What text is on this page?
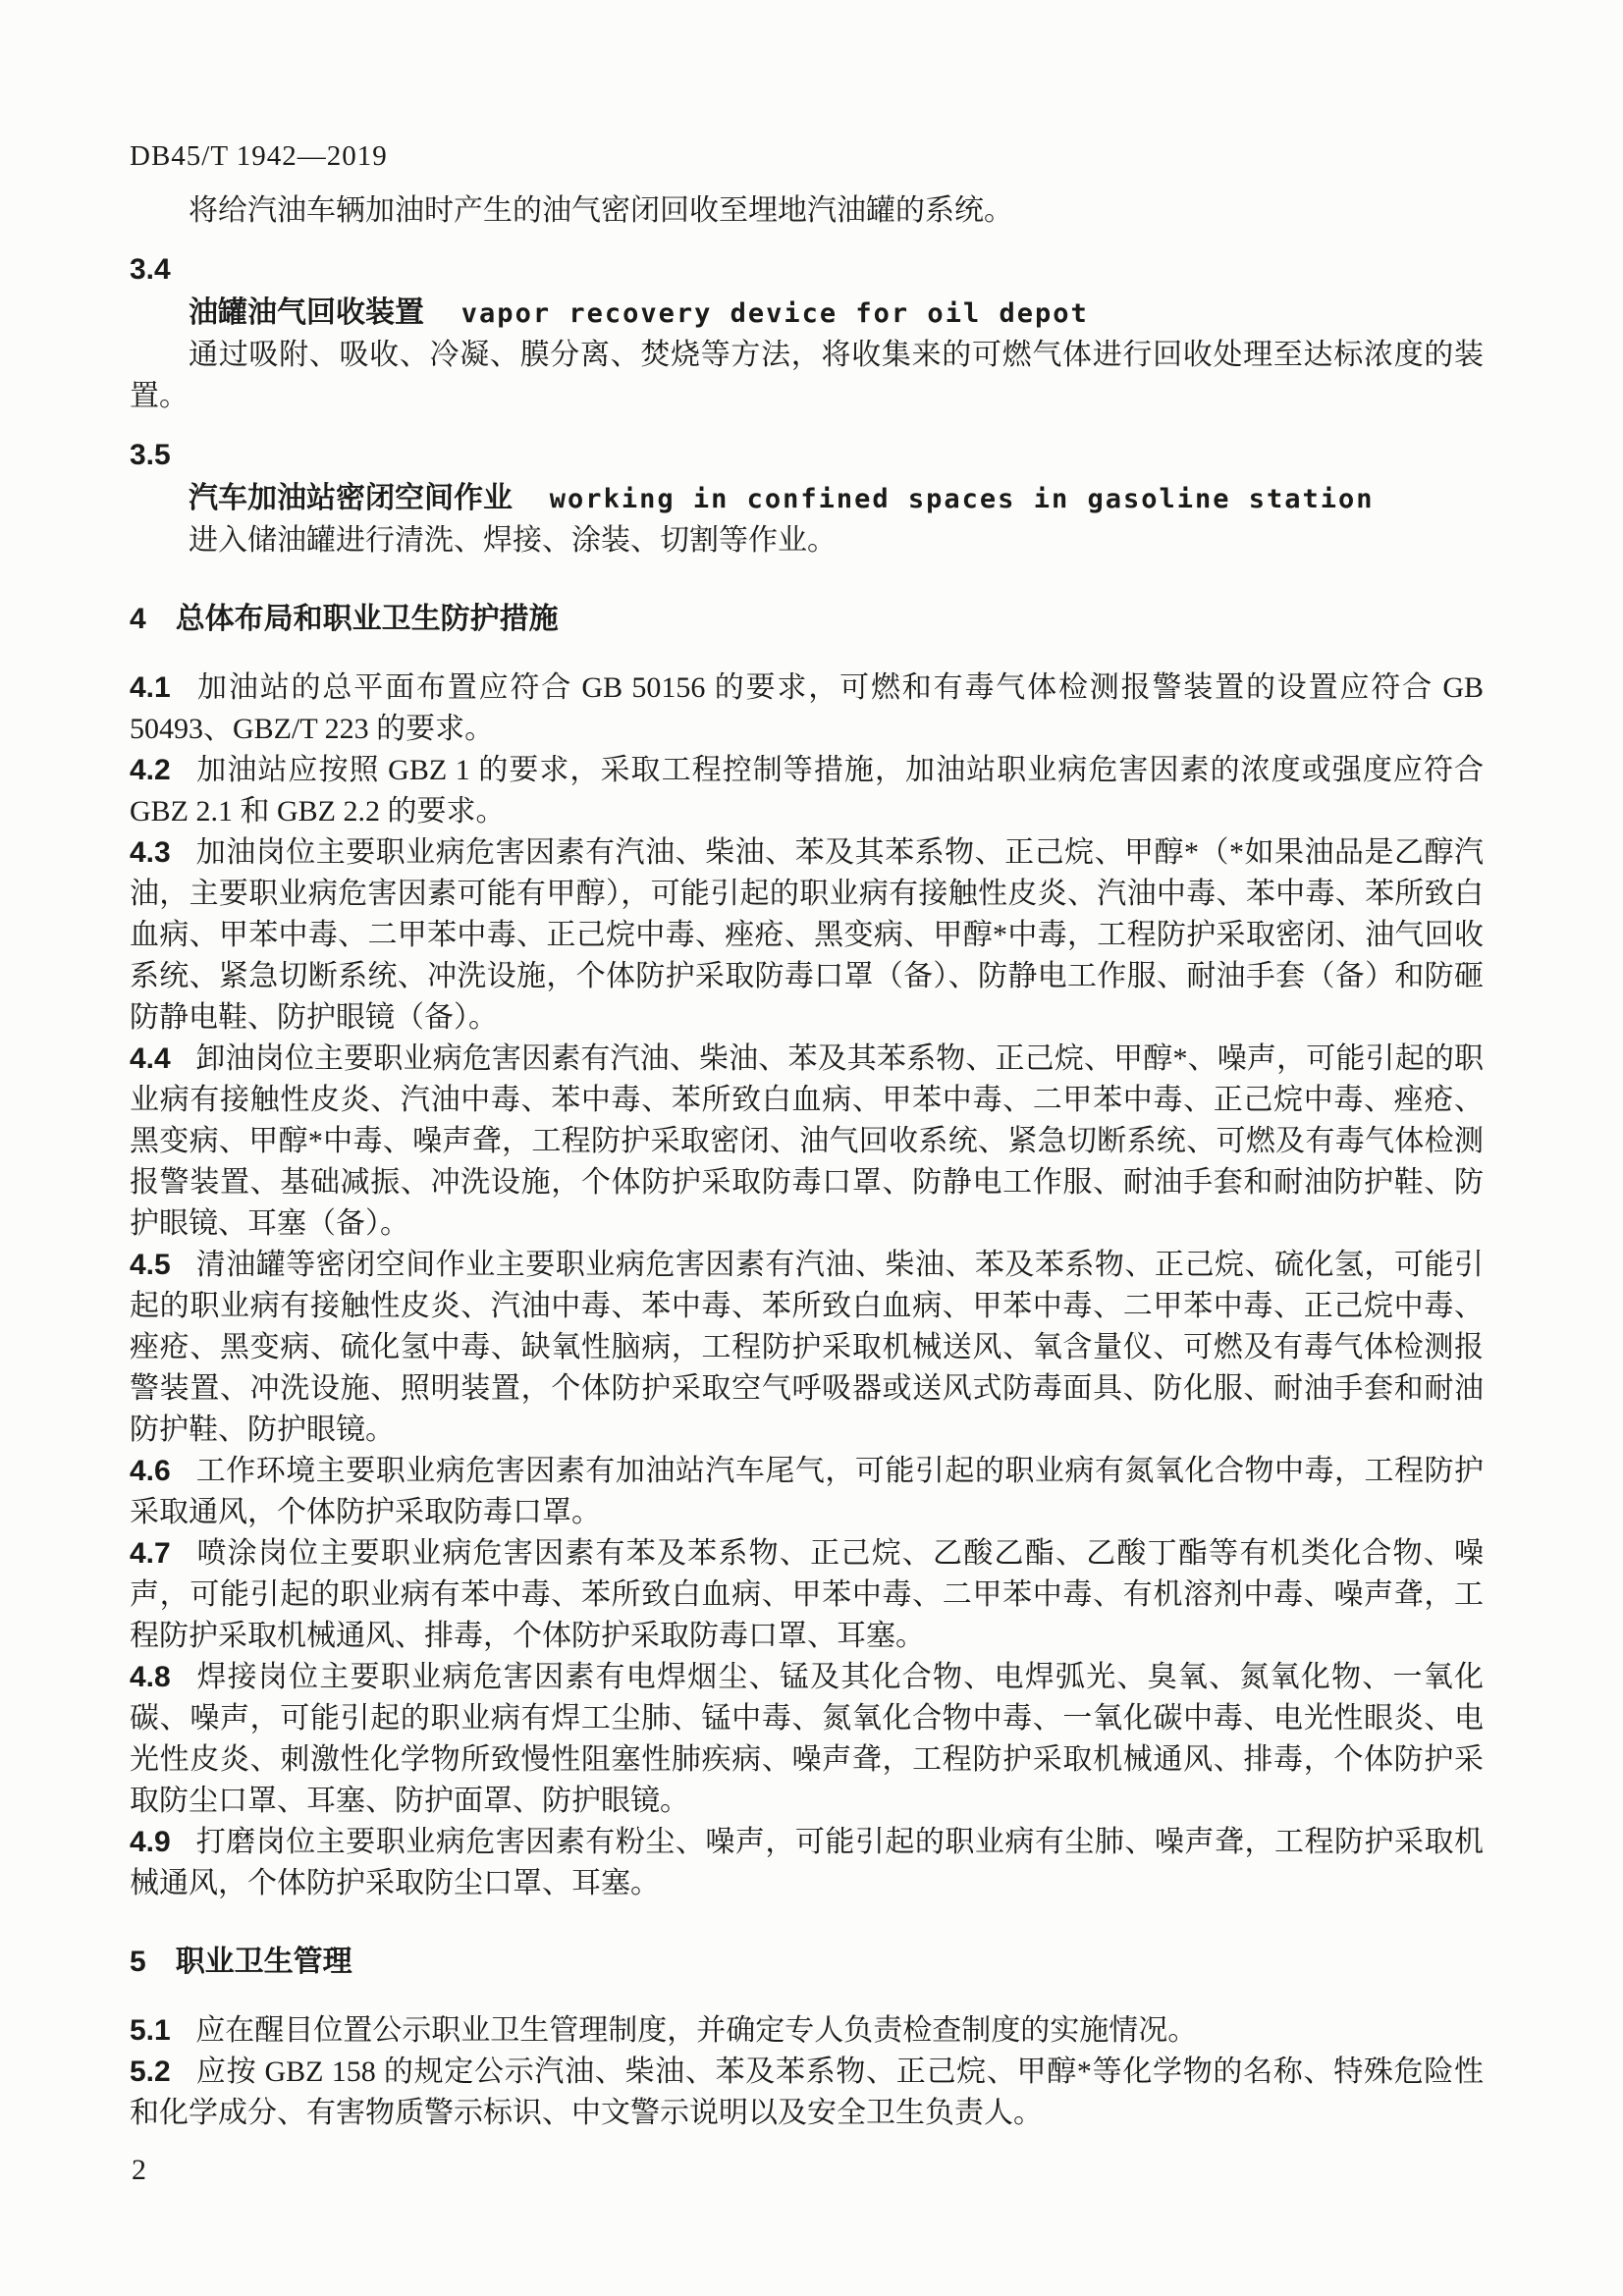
DB45/T 1942—2019

将给汽油车辆加油时产生的油气密闭回收至埋地汽油罐的系统。

3.4

油罐油气回收装置 vapor recovery device for oil depot

通过吸附、吸收、冷凝、膜分离、焚烧等方法，将收集来的可燃气体进行回收处理至达标浓度的装置。

3.5

汽车加油站密闭空间作业 working in confined spaces in gasoline station

进入储油罐进行清洗、焊接、涂装、切割等作业。

4 总体布局和职业卫生防护措施

4.1 加油站的总平面布置应符合 GB 50156 的要求，可燃和有毒气体检测报警装置的设置应符合 GB 50493、GBZ/T 223 的要求。

4.2 加油站应按照 GBZ 1 的要求，采取工程控制等措施，加油站职业病危害因素的浓度或强度应符合 GBZ 2.1 和 GBZ 2.2 的要求。

4.3 加油岗位主要职业病危害因素有汽油、柴油、苯及其苯系物、正己烷、甲醇*（*如果油品是乙醇汽油，主要职业病危害因素可能有甲醇），可能引起的职业病有接触性皮炎、汽油中毒、苯中毒、苯所致白血病、甲苯中毒、二甲苯中毒、正己烷中毒、痤疮、黑变病、甲醇*中毒，工程防护采取密闭、油气回收系统、紧急切断系统、冲洗设施，个体防护采取防毒口罩（备）、防静电工作服、耐油手套（备）和防砸防静电鞋、防护眼镜（备）。

4.4 卸油岗位主要职业病危害因素有汽油、柴油、苯及其苯系物、正己烷、甲醇*、噪声，可能引起的职业病有接触性皮炎、汽油中毒、苯中毒、苯所致白血病、甲苯中毒、二甲苯中毒、正己烷中毒、痤疮、黑变病、甲醇*中毒、噪声聋，工程防护采取密闭、油气回收系统、紧急切断系统、可燃及有毒气体检测报警装置、基础减振、冲洗设施，个体防护采取防毒口罩、防静电工作服、耐油手套和耐油防护鞋、防护眼镜、耳塞（备）。

4.5 清油罐等密闭空间作业主要职业病危害因素有汽油、柴油、苯及苯系物、正己烷、硫化氢，可能引起的职业病有接触性皮炎、汽油中毒、苯中毒、苯所致白血病、甲苯中毒、二甲苯中毒、正己烷中毒、痤疮、黑变病、硫化氢中毒、缺氧性脑病，工程防护采取机械送风、氧含量仪、可燃及有毒气体检测报警装置、冲洗设施、照明装置，个体防护采取空气呼吸器或送风式防毒面具、防化服、耐油手套和耐油防护鞋、防护眼镜。

4.6 工作环境主要职业病危害因素有加油站汽车尾气，可能引起的职业病有氮氧化合物中毒，工程防护采取通风，个体防护采取防毒口罩。

4.7 喷涂岗位主要职业病危害因素有苯及苯系物、正己烷、乙酸乙酯、乙酸丁酯等有机类化合物、噪声，可能引起的职业病有苯中毒、苯所致白血病、甲苯中毒、二甲苯中毒、有机溶剂中毒、噪声聋，工程防护采取机械通风、排毒，个体防护采取防毒口罩、耳塞。

4.8 焊接岗位主要职业病危害因素有电焊烟尘、锰及其化合物、电焊弧光、臭氧、氮氧化物、一氧化碳、噪声，可能引起的职业病有焊工尘肺、锰中毒、氮氧化合物中毒、一氧化碳中毒、电光性眼炎、电光性皮炎、刺激性化学物所致慢性阻塞性肺疾病、噪声聋，工程防护采取机械通风、排毒，个体防护采取防尘口罩、耳塞、防护面罩、防护眼镜。

4.9 打磨岗位主要职业病危害因素有粉尘、噪声，可能引起的职业病有尘肺、噪声聋，工程防护采取机械通风，个体防护采取防尘口罩、耳塞。

5 职业卫生管理

5.1 应在醒目位置公示职业卫生管理制度，并确定专人负责检查制度的实施情况。

5.2 应按 GBZ 158 的规定公示汽油、柴油、苯及苯系物、正己烷、甲醇*等化学物的名称、特殊危险性和化学成分、有害物质警示标识、中文警示说明以及安全卫生负责人。

2
